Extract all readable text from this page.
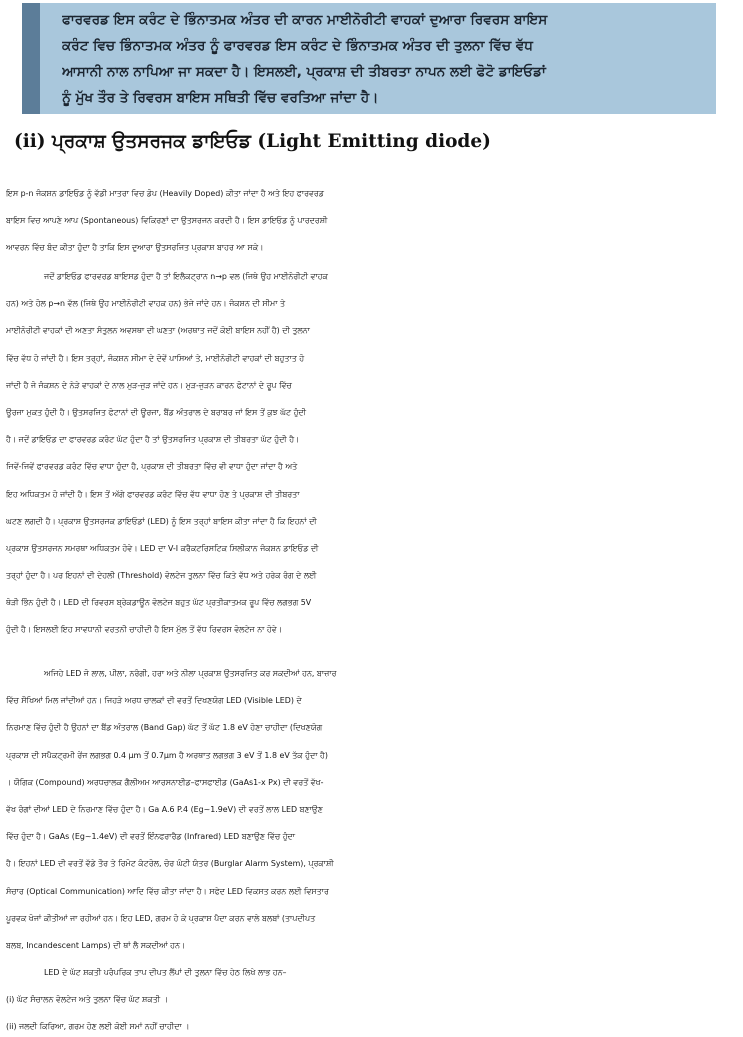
ਫਾਰਵਰਡ ਇਸ ਕਰੰਟ ਦੇ ਭਿੰਨਾਤਮਕ ਅੰਤਰ ਦੀ ਕਾਰਨ ਮਾਈਨੋਰੀਟੀ ਵਾਹਕਾਂ ਦੁਆਰਾ ਰਿਵਰਸ ਬਾਇਸ

ਕਰੰਟ ਵਿਚ ਭਿੰਨਾਤਮਕ ਅੰਤਰ ਨੂੰ ਫਾਰਵਰਡ ਇਸ ਕਰੰਟ ਦੇ ਭਿੰਨਾਤਮਕ ਅੰਤਰ ਦੀ ਤੁਲਨਾ ਵਿੱਚ ਵੱਧ

ਆਸਾਨੀ ਨਾਲ ਨਾਪਿਆ ਜਾ ਸਕਦਾ ਹੈ। ਇਸਲਈ, ਪ੍ਰਕਾਸ਼ ਦੀ ਤੀਬਰਤਾ ਨਾਪਨ ਲਈ ਫੋਟੋ ਡਾਇਓਡਾਂ

ਨੂੰ ਮੁੱਖ ਤੌਰ ਤੇ ਰਿਵਰਸ ਬਾਇਸ ਸਥਿਤੀ ਵਿੱਚ ਵਰਤਿਆ ਜਾਂਦਾ ਹੈ।

(ii) ਪ੍ਰਕਾਸ਼ ਉਤਸਰਜਕ ਡਾਇਓਡ (Light Emitting diode)
ਇਸ p-n ਜੰਕਸ਼ਨ ਡਾਇਓਡ ਨੂੰ ਵੱਡੀ ਮਾਤਰਾ ਵਿਚ ਡੋਪ (Heavily Doped) ਕੀਤਾ ਜਾਂਦਾ ਹੈ ਅਤੇ ਇਹ ਫਾਰਵਰਡ
ਬਾਇਸ ਵਿਚ ਆਪਣੇ ਆਪ (Spontaneous) ਵਿਕਿਰਣਾਂ ਦਾ ਉਤਸਰਜਨ ਕਰਦੀ ਹੈ। ਇਸ ਡਾਇਓਡ ਨੂੰ ਪਾਰਦਰਸ਼ੀ
ਆਵਰਨ ਵਿੱਚ ਬੰਦ ਕੀਤਾ ਹੁੰਦਾ ਹੈ ਤਾਕਿ ਇਸ ਦੁਆਰਾ ਉਤਸਰਜਿਤ ਪ੍ਰਕਾਸ਼ ਬਾਹਰ ਆ ਸਕੇ।
ਜਦੋਂ ਡਾਇਓਡ ਫਾਰਵਰਡ ਬਾਇਸਡ ਹੁੰਦਾ ਹੈ ਤਾਂ ਇਲੈਕਟ੍ਰਾਨ n→p ਵਲ (ਜਿਥੇ ਉਹ ਮਾਈਨੋਰੀਟੀ ਵਾਹਕ
ਹਨ) ਅਤੇ ਹੋਲ p→n ਵੱਲ (ਜਿਥੇ ਉਹ ਮਾਈਨੋਰੀਟੀ ਵਾਹਕ ਹਨ) ਭੇਜੇ ਜਾਂਦੇ ਹਨ। ਜੰਕਸ਼ਨ ਦੀ ਸੀਮਾ ਤੇ
ਮਾਈਨੋਰੀਟੀ ਵਾਹਕਾਂ ਦੀ ਅਣਤਾ ਸੰਤੁਲਨ ਅਵਸਥਾ ਦੀ ਘਣਤਾ (ਅਰਥਾਤ ਜਦੋਂ ਕੋਈ ਬਾਇਸ ਨਹੀਂ ਹੈ) ਦੀ ਤੁਲਨਾ
ਵਿੱਚ ਵੱਧ ਹੋ ਜਾਂਦੀ ਹੈ। ਇਸ ਤਰ੍ਹਾਂ, ਜੰਕਸ਼ਨ ਸੀਮਾ ਦੇ ਦੋਵੇਂ ਪਾਸਿਆਂ ਤੇ, ਮਾਈਨੋਰੀਟੀ ਵਾਹਕਾਂ ਦੀ ਬਹੁਤਾਤ ਹੋ
ਜਾਂਦੀ ਹੈ ਜੋ ਜੰਕਸ਼ਨ ਦੇ ਨੇੜੇ ਵਾਹਕਾਂ ਦੇ ਨਾਲ ਮੁੜ-ਜੁੜ ਜਾਂਦੇ ਹਨ। ਮੁੜ-ਜੁੜਨ ਕਾਰਨ ਫੋਟਾਨਾਂ ਦੇ ਰੂਪ ਵਿੱਚ
ਊਰਜਾ ਮੁਕਤ ਹੁੰਦੀ ਹੈ। ਉਤਸਰਜਿਤ ਫੋਟਾਨਾਂ ਦੀ ਊਰਜਾ, ਬੈਂਡ ਅੰਤਰਾਲ ਦੇ ਬਰਾਬਰ ਜਾਂ ਇਸ ਤੋਂ ਕੁਝ ਘੱਟ ਹੁੰਦੀ
ਹੈ। ਜਦੋਂ ਡਾਇਓਡ ਦਾ ਫਾਰਵਰਡ ਕਰੰਟ ਘੱਟ ਹੁੰਦਾ ਹੈ ਤਾਂ ਉਤਸਰਜਿਤ ਪ੍ਰਕਾਸ਼ ਦੀ ਤੀਬਰਤਾ ਘੱਟ ਹੁੰਦੀ ਹੈ।
ਜਿਵੇਂ-ਜਿਵੇਂ ਫਾਰਵਰਡ ਕਰੰਟ ਵਿੱਚ ਵਾਧਾ ਹੁੰਦਾ ਹੈ, ਪ੍ਰਕਾਸ਼ ਦੀ ਤੀਬਰਤਾ ਵਿੱਚ ਵੀ ਵਾਧਾ ਹੁੰਦਾ ਜਾਂਦਾ ਹੈ ਅਤੇ
ਇਹ ਅਧਿਕਤਮ ਹੋ ਜਾਂਦੀ ਹੈ। ਇਸ ਤੋਂ ਅੱਗੇ ਫਾਰਵਰਡ ਕਰੰਟ ਵਿੱਚ ਵੱਧ ਵਾਧਾ ਹੋਣ ਤੇ ਪ੍ਰਕਾਸ਼ ਦੀ ਤੀਬਰਤਾ
ਘਟਣ ਲਗਦੀ ਹੈ। ਪ੍ਰਕਾਸ਼ ਉਤਸਰਜਕ ਡਾਇਓਡਾਂ (LED) ਨੂੰ ਇਸ ਤਰ੍ਹਾਂ ਬਾਇਸ ਕੀਤਾ ਜਾਂਦਾ ਹੈ ਕਿ ਇਹਨਾਂ ਦੀ
ਪ੍ਰਕਾਸ਼ ਉਤਸਰਜਨ ਸਮਰਥਾ ਅਧਿਕਤਮ ਹੋਵੇ। LED ਦਾ V-I ਕਰੈਕਟਰਿਸਟਿਕ ਸਿਲੀਕਾਨ ਜੰਕਸ਼ਨ ਡਾਇਓਡ ਦੀ
ਤਰ੍ਹਾਂ ਹੁੰਦਾ ਹੈ। ਪਰ ਇਹਨਾਂ ਦੀ ਦੇਹਲੀ (Threshold) ਵੋਲਟੇਜ ਤੁਲਨਾ ਵਿੱਚ ਕਿਤੇ ਵੱਧ ਅਤੇ ਹਰੇਕ ਰੰਗ ਦੇ ਲਈ
ਥੋੜੀ ਭਿੰਨ ਹੁੰਦੀ ਹੈ। LED ਦੀ ਰਿਵਰਸ ਬ੍ਰੇਕਡਾਊਨ ਵੋਲਟੇਜ ਬਹੁਤ ਘੱਟ ਪ੍ਰਤੀਕਾਤਮਕ ਰੂਪ ਵਿੱਚ ਲਗਭਗ 5V
ਹੁੰਦੀ ਹੈ। ਇਸਲਈ ਇਹ ਸਾਵਧਾਨੀ ਵਰਤਨੀ ਚਾਹੀਦੀ ਹੈ ਇਸ ਮੁੱਲ ਤੋਂ ਵੱਧ ਰਿਵਰਸ ਵੋਲਟੇਜ ਨਾ ਹੋਵੇ।
ਅਜਿਹੇ LED ਜੋ ਲਾਲ, ਪੀਲਾ, ਨਰੰਗੀ, ਹਰਾ ਅਤੇ ਨੀਲਾ ਪ੍ਰਕਾਸ਼ ਉਤਸਰਜਿਤ ਕਰ ਸਕਦੀਆਂ ਹਨ, ਬਾਜ਼ਾਰ
ਵਿੱਚ ਸੌਖਿਆਂ ਮਿਲ ਜਾਂਦੀਆਂ ਹਨ। ਜਿਹੜੇ ਅਰਧ ਚਾਲਕਾਂ ਦੀ ਵਰਤੋਂ ਦਿਖਣਯੋਗ LED (Visible LED) ਦੇ
ਨਿਰਮਾਣ ਵਿੱਚ ਹੁੰਦੀ ਹੈ ਉਹਨਾਂ ਦਾ ਬੈਂਡ ਅੰਤਰਾਲ (Band Gap) ਘੱਟ ਤੋਂ ਘੱਟ 1.8 eV ਹੋਣਾ ਚਾਹੀਦਾ (ਦਿਖਣਯੋਗ
ਪ੍ਰਕਾਸ਼ ਦੀ ਸਪੈਕਟ੍ਰਮੀ ਰੇਂਜ ਲਗਭਗ 0.4 μm ਤੋਂ 0.7μm ਹੈ ਅਰਥਾਤ ਲਗਭਗ 3 eV ਤੋਂ 1.8 eV ਤੱਕ ਹੁੰਦਾ ਹੈ)
। ਯੌਗਿਕ (Compound) ਅਰਧਚਾਲਕ ਗੈਲੀਅਮ ਆਰਸਨਾਈਡ–ਫਾਸਫਾਈਡ (GaAs1-x Px) ਦੀ ਵਰਤੋਂ ਵੱਖ-
ਵੱਖ ਰੰਗਾਂ ਦੀਆਂ LED ਦੇ ਨਿਰਮਾਣ ਵਿੱਚ ਹੁੰਦਾ ਹੈ। Ga A.6 P.4 (Eg~1.9eV) ਦੀ ਵਰਤੋਂ ਲਾਲ LED ਬਣਾਉਣ
ਵਿੱਚ ਹੁੰਦਾ ਹੈ। GaAs (Eg~1.4eV) ਦੀ ਵਰਤੋਂ ਇੰਨਫਰਾਰੈਡ (Infrared) LED ਬਣਾਉਣ ਵਿੱਚ ਹੁੰਦਾ
ਹੈ। ਇਹਨਾਂ LED ਦੀ ਵਰਤੋਂ ਵੱਡੇ ਤੌਰ ਤੇ ਰਿਮੋਟ ਕੰਟਰੋਲ, ਚੋਰ ਘੰਟੀ ਯੰਤਰ (Burglar Alarm System), ਪ੍ਰਕਾਸ਼ੀ
ਸੰਚਾਰ (Optical Communication) ਆਦਿ ਵਿੱਚ ਕੀਤਾ ਜਾਂਦਾ ਹੈ। ਸਫੇਦ LED ਵਿਕਸਤ ਕਰਨ ਲਈ ਵਿਸਤਾਰ
ਪੂਰਵਕ ਖੋਜਾਂ ਕੀਤੀਆਂ ਜਾ ਰਹੀਆਂ ਹਨ। ਇਹ LED, ਗਰਮ ਹੋ ਕੇ ਪ੍ਰਕਾਸ਼ ਪੈਦਾ ਕਰਨ ਵਾਲੇ ਬਲਬਾਂ (ਤਾਪਦੀਪਤ
ਬਲਬ, Incandescent Lamps) ਦੀ ਥਾਂ ਲੈ ਸਕਦੀਆਂ ਹਨ।
LED ਦੇ ਘੱਟ ਸ਼ਕਤੀ ਪਰੰਪਰਿਕ ਤਾਪ ਦੀਪਤ ਲੈਂਪਾਂ ਦੀ ਤੁਲਨਾ ਵਿੱਚ ਹੇਠ ਲਿਖੇ ਲਾਭ ਹਨ–
(i) ਘੱਟ ਸੰਚਾਲਨ ਵੋਲਟੇਜ ਅਤੇ ਤੁਲਨਾ ਵਿੱਚ ਘੱਟ ਸ਼ਕਤੀ ।
(ii) ਜਲਦੀ ਕਿਰਿਆ, ਗਰਮ ਹੋਣ ਲਈ ਕੋਈ ਸਮਾਂ ਨਹੀਂ ਚਾਹੀਦਾ ।
